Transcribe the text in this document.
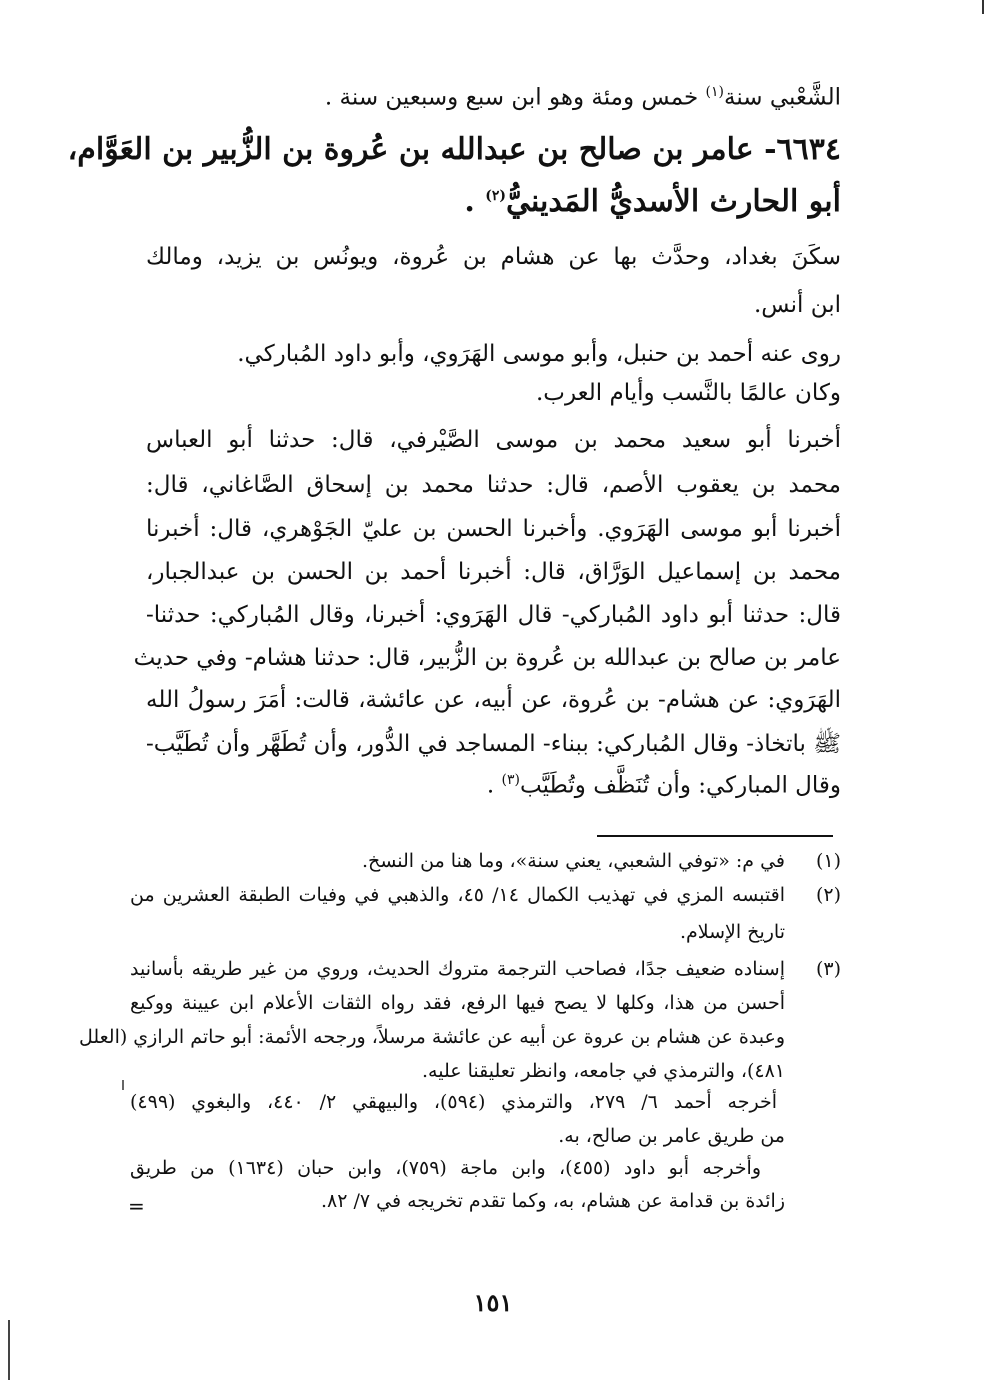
الشَّعْبي سنة$^{(١)}$ خمس ومئة وهو ابن سبع وسبعين سنة .
٦٦٣٤- عامر بن صالح بن عبدالله بن عُروة بن الزُّبير بن العَوَّام،
أبو الحارث الأسديُّ المَدينيُّ$^{(٢)}$ .
سكَنَ بغداد، وحدَّث بها عن هشام بن عُروة، ويونُس بن يزيد، ومالك
ابن أنس.
روى عنه أحمد بن حنبل، وأبو موسى الهَرَوي، وأبو داود المُباركي.
وكان عالمًا بالنَّسب وأيام العرب.
أخبرنا أبو سعيد محمد بن موسى الصَّيْرفي، قال: حدثنا أبو العباس
محمد بن يعقوب الأصم، قال: حدثنا محمد بن إسحاق الصَّاغاني، قال:
أخبرنا أبو موسى الهَرَوي. وأخبرنا الحسن بن عليّ الجَوْهري، قال: أخبرنا
محمد بن إسماعيل الوَرَّاق، قال: أخبرنا أحمد بن الحسن بن عبدالجبار،
قال: حدثنا أبو داود المُباركي- قال الهَرَوي: أخبرنا، وقال المُباركي: حدثنا-
عامر بن صالح بن عبدالله بن عُروة بن الزُّبير، قال: حدثنا هشام- وفي حديث
الهَرَوي: عن هشام- بن عُروة، عن أبيه، عن عائشة، قالت: أمَرَ رسولُ الله
ﷺ باتخاذ- وقال المُباركي: ببناء- المساجد في الدُّور، وأن تُطَهَّر وأن تُطَيَّب-
وقال المباركي: وأن تُنَظَّف وتُطَيَّب$^{(٣)}$ .
(١)
في م: «توفي الشعبي، يعني سنة»، وما هنا من النسخ.
(٢)
اقتبسه المزي في تهذيب الكمال ١٤/ ٤٥، والذهبي في وفيات الطبقة العشرين من
تاريخ الإسلام.
(٣)
إسناده ضعيف جدًا، فصاحب الترجمة متروك الحديث، وروي من غير طريقه بأسانيد
أحسن من هذا، وكلها لا يصح فيها الرفع، فقد رواه الثقات الأعلام ابن عيينة ووكيع
وعبدة عن هشام بن عروة عن أبيه عن عائشة مرسلاً، ورجحه الأئمة: أبو حاتم الرازي (العلل
٤٨١)، والترمذي في جامعه، وانظر تعليقنا عليه.
أخرجه أحمد ٦/ ٢٧٩، والترمذي (٥٩٤)، والبيهقي ٢/ ٤٤٠، والبغوي (٤٩٩)
من طريق عامر بن صالح، به.
وأخرجه أبو داود (٤٥٥)، وابن ماجة (٧٥٩)، وابن حبان (١٦٣٤) من طريق
زائدة بن قدامة عن هشام، به، وكما تقدم تخريجه في ٧/ ٨٢.
=
١٥١
